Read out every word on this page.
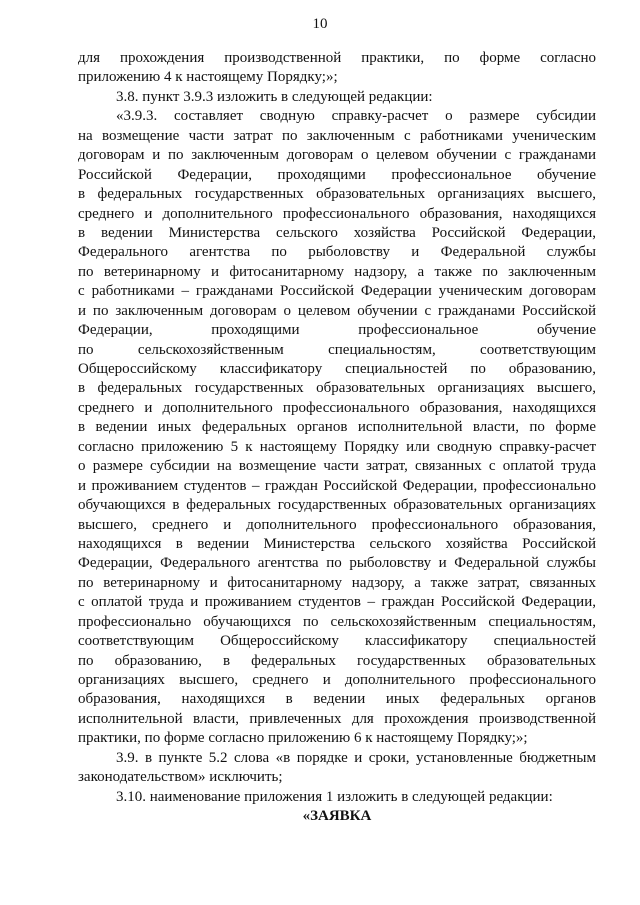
10
для прохождения производственной практики, по форме согласно
приложению 4 к настоящему Порядку;»;
3.8. пункт 3.9.3 изложить в следующей редакции:
«3.9.3. составляет сводную справку-расчет о размере субсидии
на возмещение части затрат по заключенным с работниками ученическим
договорам и по заключенным договорам о целевом обучении с гражданами
Российской Федерации, проходящими профессиональное обучение
в федеральных государственных образовательных организациях высшего,
среднего и дополнительного профессионального образования, находящихся
в ведении Министерства сельского хозяйства Российской Федерации,
Федерального агентства по рыболовству и Федеральной службы
по ветеринарному и фитосанитарному надзору, а также по заключенным
с работниками – гражданами Российской Федерации ученическим договорам
и по заключенным договорам о целевом обучении с гражданами Российской
Федерации, проходящими профессиональное обучение
по сельскохозяйственным специальностям, соответствующим
Общероссийскому классификатору специальностей по образованию,
в федеральных государственных образовательных организациях высшего,
среднего и дополнительного профессионального образования, находящихся
в ведении иных федеральных органов исполнительной власти, по форме
согласно приложению 5 к настоящему Порядку или сводную справку-расчет
о размере субсидии на возмещение части затрат, связанных с оплатой труда
и проживанием студентов – граждан Российской Федерации, профессионально
обучающихся в федеральных государственных образовательных организациях
высшего, среднего и дополнительного профессионального образования,
находящихся в ведении Министерства сельского хозяйства Российской
Федерации, Федерального агентства по рыболовству и Федеральной службы
по ветеринарному и фитосанитарному надзору, а также затрат, связанных
с оплатой труда и проживанием студентов – граждан Российской Федерации,
профессионально обучающихся по сельскохозяйственным специальностям,
соответствующим Общероссийскому классификатору специальностей
по образованию, в федеральных государственных образовательных
организациях высшего, среднего и дополнительного профессионального
образования, находящихся в ведении иных федеральных органов
исполнительной власти, привлеченных для прохождения производственной
практики, по форме согласно приложению 6 к настоящему Порядку;»;
3.9. в пункте 5.2 слова «в порядке и сроки, установленные бюджетным
законодательством» исключить;
3.10. наименование приложения 1 изложить в следующей редакции:
«ЗАЯВКА
